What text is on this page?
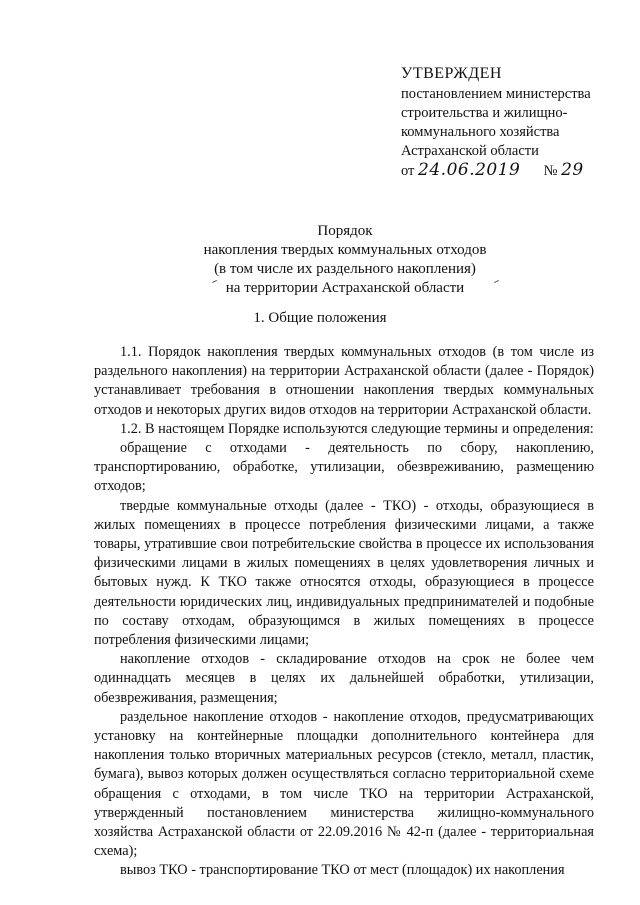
УТВЕРЖДЕН
постановлением министерства
строительства и жилищно-
коммунального хозяйства
Астраханской области
от 24.06.2019 № 29
Порядок
накопления твердых коммунальных отходов
(в том числе их раздельного накопления)
на территории Астраханской области
1. Общие положения

1.1. Порядок накопления твердых коммунальных отходов (в том числе из раздельного накопления) на территории Астраханской области (далее - Порядок) устанавливает требования в отношении накопления твердых коммунальных отходов и некоторых других видов отходов на территории Астраханской области.

1.2. В настоящем Порядке используются следующие термины и определения:

обращение с отходами - деятельность по сбору, накоплению, транспортированию, обработке, утилизации, обезвреживанию, размещению отходов;

твердые коммунальные отходы (далее - ТКО) - отходы, образующиеся в жилых помещениях в процессе потребления физическими лицами, а также товары, утратившие свои потребительские свойства в процессе их использования физическими лицами в жилых помещениях в целях удовлетворения личных и бытовых нужд. К ТКО также относятся отходы, образующиеся в процессе деятельности юридических лиц, индивидуальных предпринимателей и подобные по составу отходам, образующимся в жилых помещениях в процессе потребления физическими лицами;

накопление отходов - складирование отходов на срок не более чем одиннадцать месяцев в целях их дальнейшей обработки, утилизации, обезвреживания, размещения;

раздельное накопление отходов - накопление отходов, предусматривающих установку на контейнерные площадки дополнительного контейнера для накопления только вторичных материальных ресурсов (стекло, металл, пластик, бумага), вывоз которых должен осуществляться согласно территориальной схеме обращения с отходами, в том числе ТКО на территории Астраханской, утвержденный постановлением министерства жилищно-коммунального хозяйства Астраханской области от 22.09.2016 № 42-п (далее - территориальная схема);

вывоз ТКО - транспортирование ТКО от мест (площадок) их накопления
